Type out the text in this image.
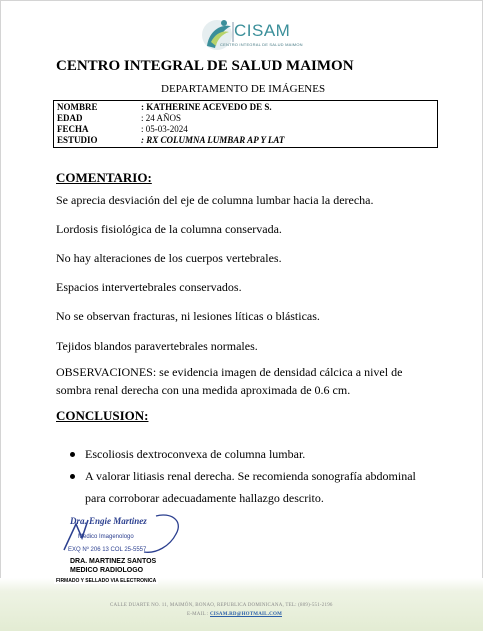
CISAM
CENTRO INTEGRAL DE SALUD MAIMON
CENTRO INTEGRAL DE SALUD MAIMON
DEPARTAMENTO DE IMÁGENES
NOMBRE	: KATHERINE ACEVEDO DE S.
EDAD	: 24 AÑOS
FECHA	: 05-03-2024
ESTUDIO	: RX COLUMNA LUMBAR AP Y LAT
COMENTARIO:
Se aprecia desviación del eje de columna lumbar hacia la derecha.
Lordosis fisiológica de la columna conservada.
No hay alteraciones de los cuerpos vertebrales.
Espacios intervertebrales conservados.
No se observan fracturas, ni lesiones líticas o blásticas.
Tejidos blandos paravertebrales normales.
OBSERVACIONES: se evidencia imagen de densidad cálcica a nivel de sombra renal derecha con una medida aproximada de 0.6 cm.
CONCLUSION:
Escoliosis dextroconvexa de columna lumbar.
A valorar litiasis renal derecha. Se recomienda sonografía abdominal para corroborar adecuadamente hallazgo descrito.
Dra. Engie Martinez
Medico Imagenologo
EXQ Nº 206 13 COL 25-5557
DRA. MARTINEZ SANTOS
MEDICO RADIOLOGO
FIRMADO Y SELLADO VIA ELECTRONICA
CALLE DUARTE NO. 11, MAIMÓN, BONAO, REPUBLICA DOMINICANA, TEL: (809)-551-2196
E-MAIL : CISAM.RD@HOTMAIL.COM
